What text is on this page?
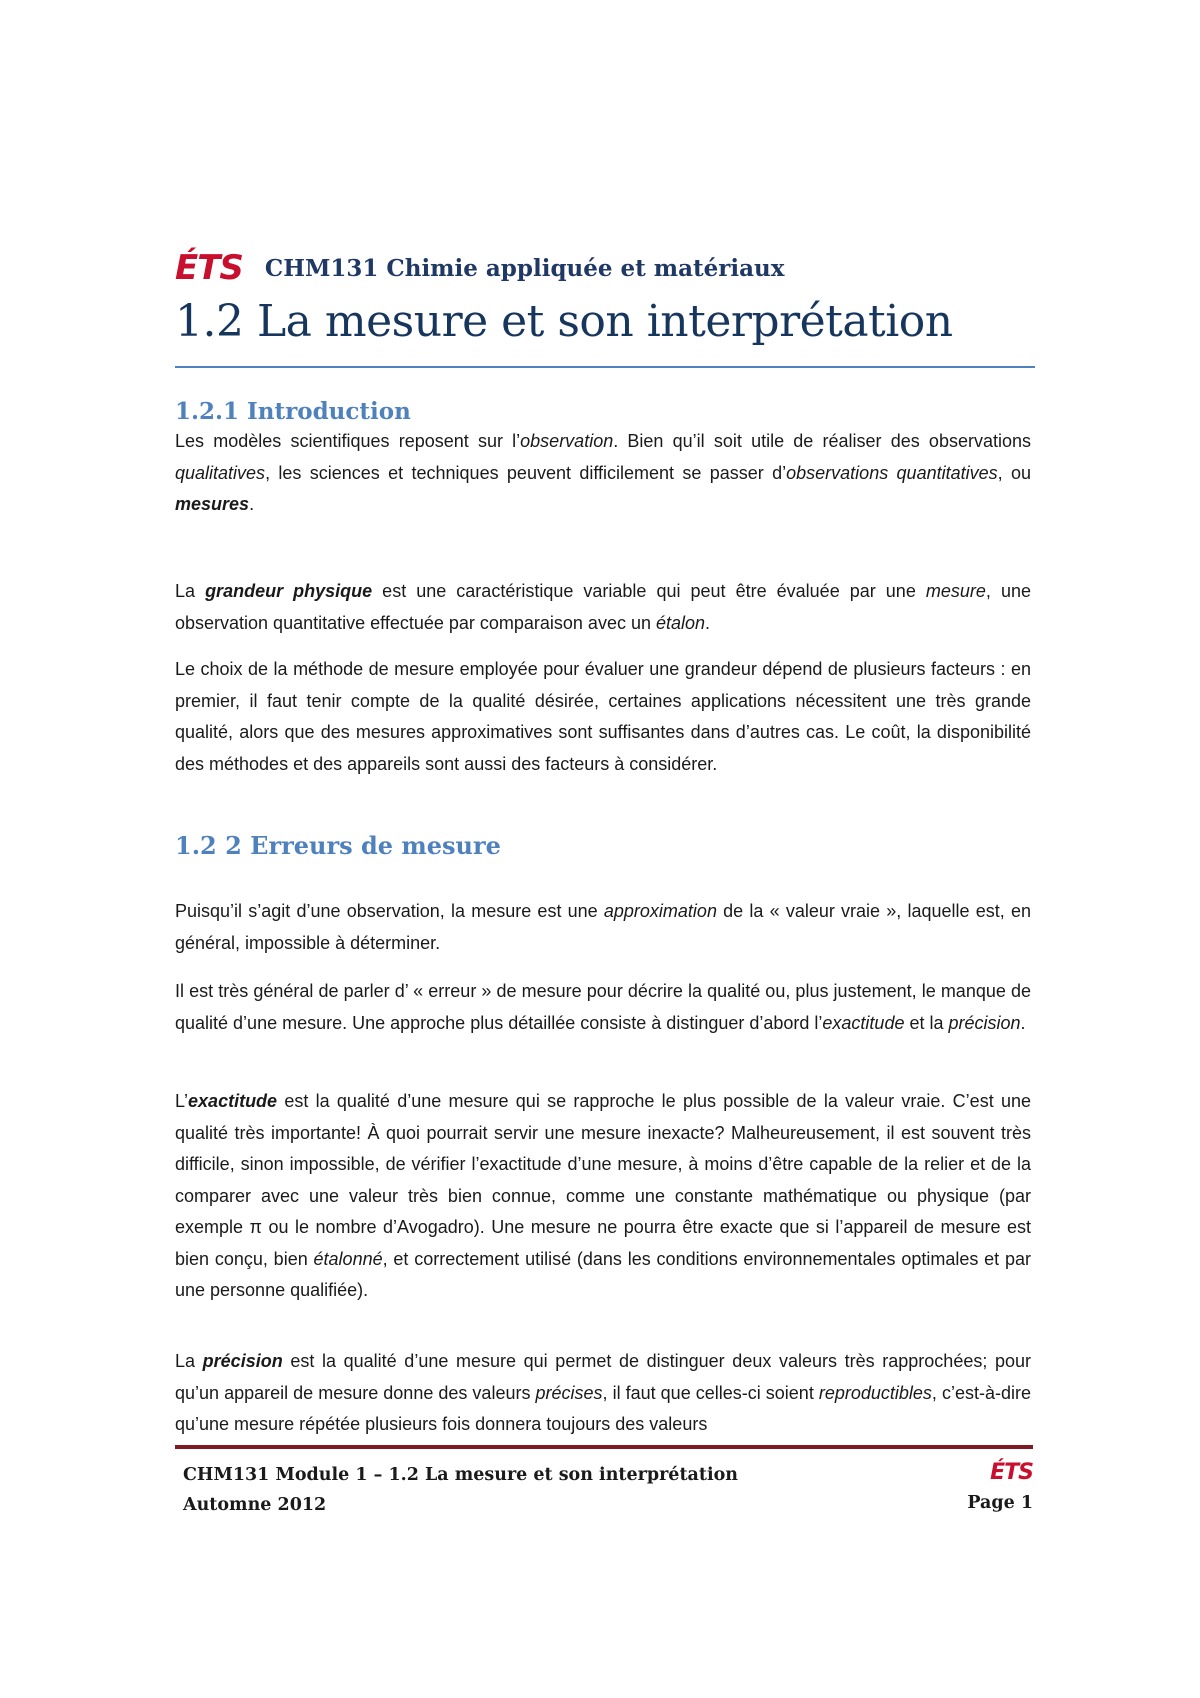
ÉTS CHM131 Chimie appliquée et matériaux
1.2 La mesure et son interprétation
1.2.1 Introduction

Les modèles scientifiques reposent sur l’observation. Bien qu’il soit utile de réaliser des observations qualitatives, les sciences et techniques peuvent difficilement se passer d’observations quantitatives, ou mesures.

La grandeur physique est une caractéristique variable qui peut être évaluée par une mesure, une observation quantitative effectuée par comparaison avec un étalon.

Le choix de la méthode de mesure employée pour évaluer une grandeur dépend de plusieurs facteurs : en premier, il faut tenir compte de la qualité désirée, certaines applications nécessitent une très grande qualité, alors que des mesures approximatives sont suffisantes dans d’autres cas. Le coût, la disponibilité des méthodes et des appareils sont aussi des facteurs à considérer.

1.2 2 Erreurs de mesure

Puisqu’il s’agit d’une observation, la mesure est une approximation de la « valeur vraie », laquelle est, en général, impossible à déterminer.

Il est très général de parler d’ « erreur » de mesure pour décrire la qualité ou, plus justement, le manque de qualité d’une mesure. Une approche plus détaillée consiste à distinguer d’abord l’exactitude et la précision.

L’exactitude est la qualité d’une mesure qui se rapproche le plus possible de la valeur vraie. C’est une qualité très importante! À quoi pourrait servir une mesure inexacte? Malheureusement, il est souvent très difficile, sinon impossible, de vérifier l’exactitude d’une mesure, à moins d’être capable de la relier et de la comparer avec une valeur très bien connue, comme une constante mathématique ou physique (par exemple π ou le nombre d’Avogadro). Une mesure ne pourra être exacte que si l’appareil de mesure est bien conçu, bien étalonné, et correctement utilisé (dans les conditions environnementales optimales et par une personne qualifiée).

La précision est la qualité d’une mesure qui permet de distinguer deux valeurs très rapprochées; pour qu’un appareil de mesure donne des valeurs précises, il faut que celles-ci soient reproductibles, c’est-à-dire qu’une mesure répétée plusieurs fois donnera toujours des valeurs

CHM131 Module 1 – 1.2 La mesure et son interprétation
Automne 2012
ÉTS
Page 1
